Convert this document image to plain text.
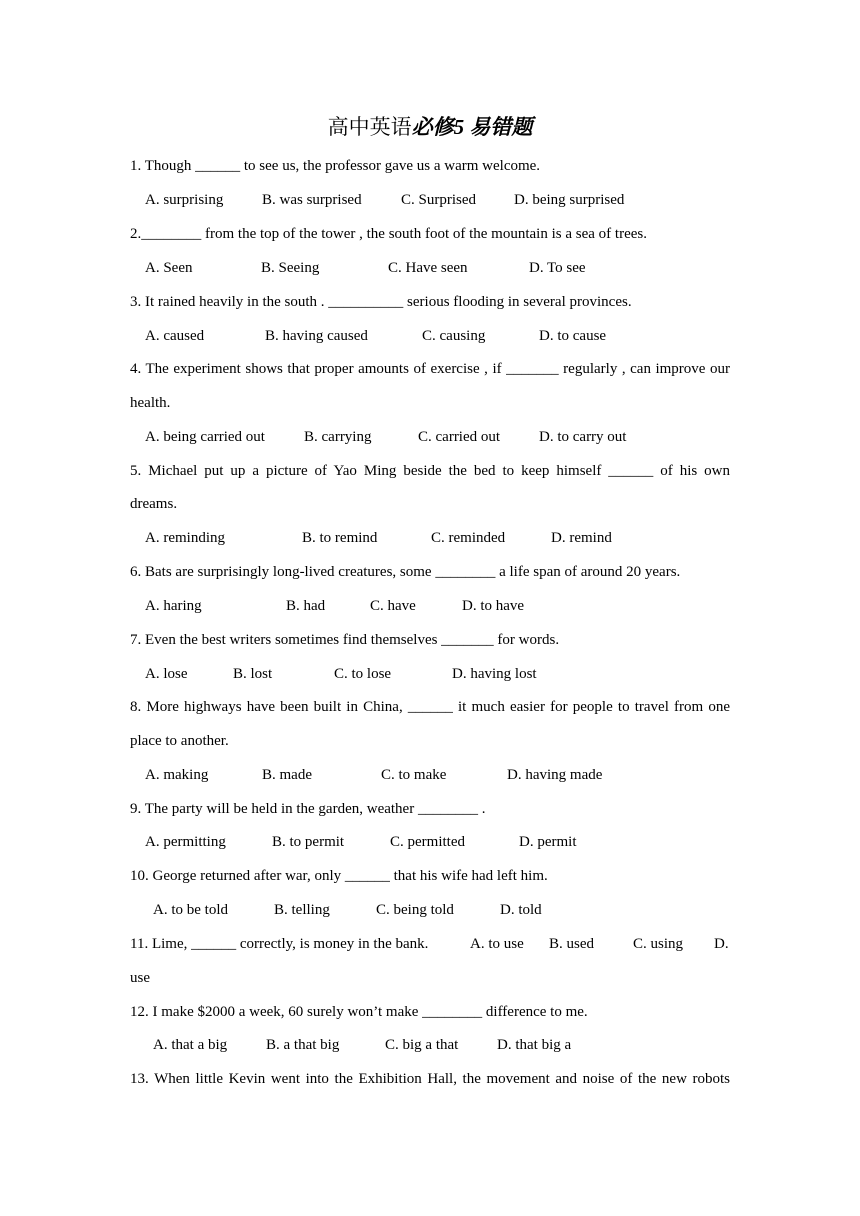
高中英语必修5 易错题
1. Though ______ to see us, the professor gave us a warm welcome.
A. surprising	B. was surprised	C. Surprised	D. being surprised
2.________ from the top of the tower , the south foot of the mountain is a sea of trees.
A. Seen	B. Seeing	C. Have seen	D. To see
3. It rained heavily in the south . __________ serious flooding in several provinces.
A. caused	B. having caused	C. causing	D. to cause
4. The experiment shows that proper amounts of exercise , if _______ regularly , can improve our
health.
A. being carried out	B. carrying	C. carried out	D. to carry out
5. Michael put up a picture of Yao Ming beside the bed to keep himself ______ of his own
dreams.
A. reminding	B. to remind	C. reminded	D. remind
6. Bats are surprisingly long-lived creatures, some ________ a life span of around 20 years.
A. haring	B. had	C. have	D. to have
7. Even the best writers sometimes find themselves _______ for words.
A. lose	B. lost	C. to lose	D. having lost
8. More highways have been built in China, ______ it much easier for people to travel from one
place to another.
A. making	B. made	C. to make	D. having made
9. The party will be held in the garden, weather ________ .
A. permitting	B. to permit	C. permitted	D. permit
10. George returned after war, only ______ that his wife had left him.
A. to be told	B. telling	C. being told	D. told
11. Lime, ______ correctly, is money in the bank.	A. to use B. used	C. using D.
use
12. I make $2000 a week, 60 surely won’t make ________ difference to me.
A. that a big	B. a that big	C. big a that	D. that big a
13. When little Kevin went into the Exhibition Hall, the movement and noise of the new robots
